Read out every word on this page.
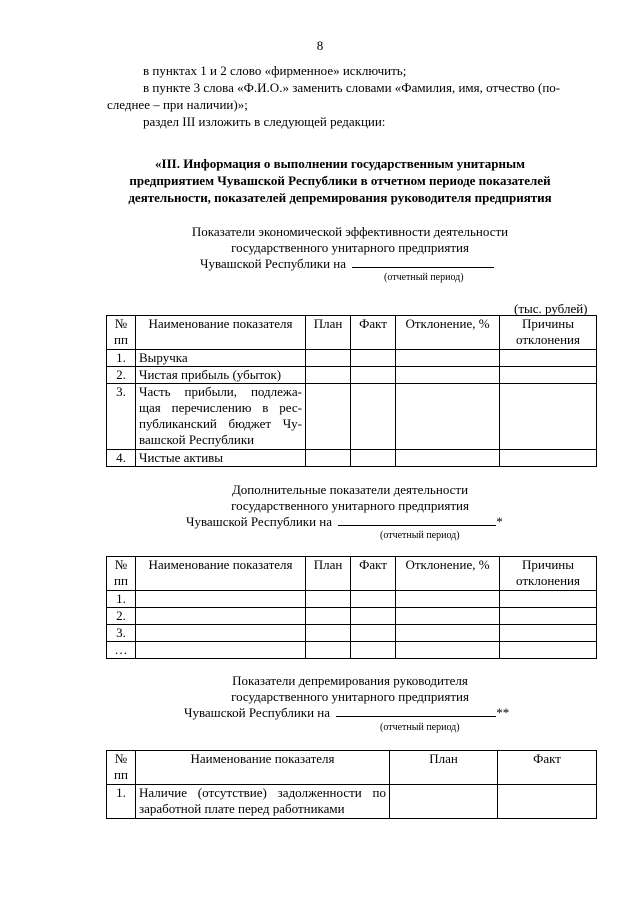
8
в пунктах 1 и 2 слово «фирменное» исключить;
в пункте 3 слова «Ф.И.О.» заменить словами «Фамилия, имя, отчество (по-
следнее – при наличии)»;
раздел III изложить в следующей редакции:
«III. Информация о выполнении государственным унитарным
предприятием Чувашской Республики в отчетном периоде показателей
деятельности, показателей депремирования руководителя предприятия
Показатели экономической эффективности деятельности
государственного унитарного предприятия
Чувашской Республики на
(отчетный период)
(тыс. рублей)
№ пп	Наименование показателя	План	Факт	Отклонение, %	Причины отклонения
1.	Выручка				
2.	Чистая прибыль (убыток)				
3.	Часть прибыли, подлежа-щая перечислению в рес-публиканский бюджет Чу-вашской Республики				
4.	Чистые активы				
Дополнительные показатели деятельности
государственного унитарного предприятия
Чувашской Республики на	*
(отчетный период)
№ пп	Наименование показателя	План	Факт	Отклонение, %	Причины отклонения
1.					
2.					
3.					
…					
Показатели депремирования руководителя
государственного унитарного предприятия
Чувашской Республики на	**
(отчетный период)
№ пп	Наименование показателя	План	Факт
1.	Наличие (отсутствие) задолженности по заработной плате перед работниками		
